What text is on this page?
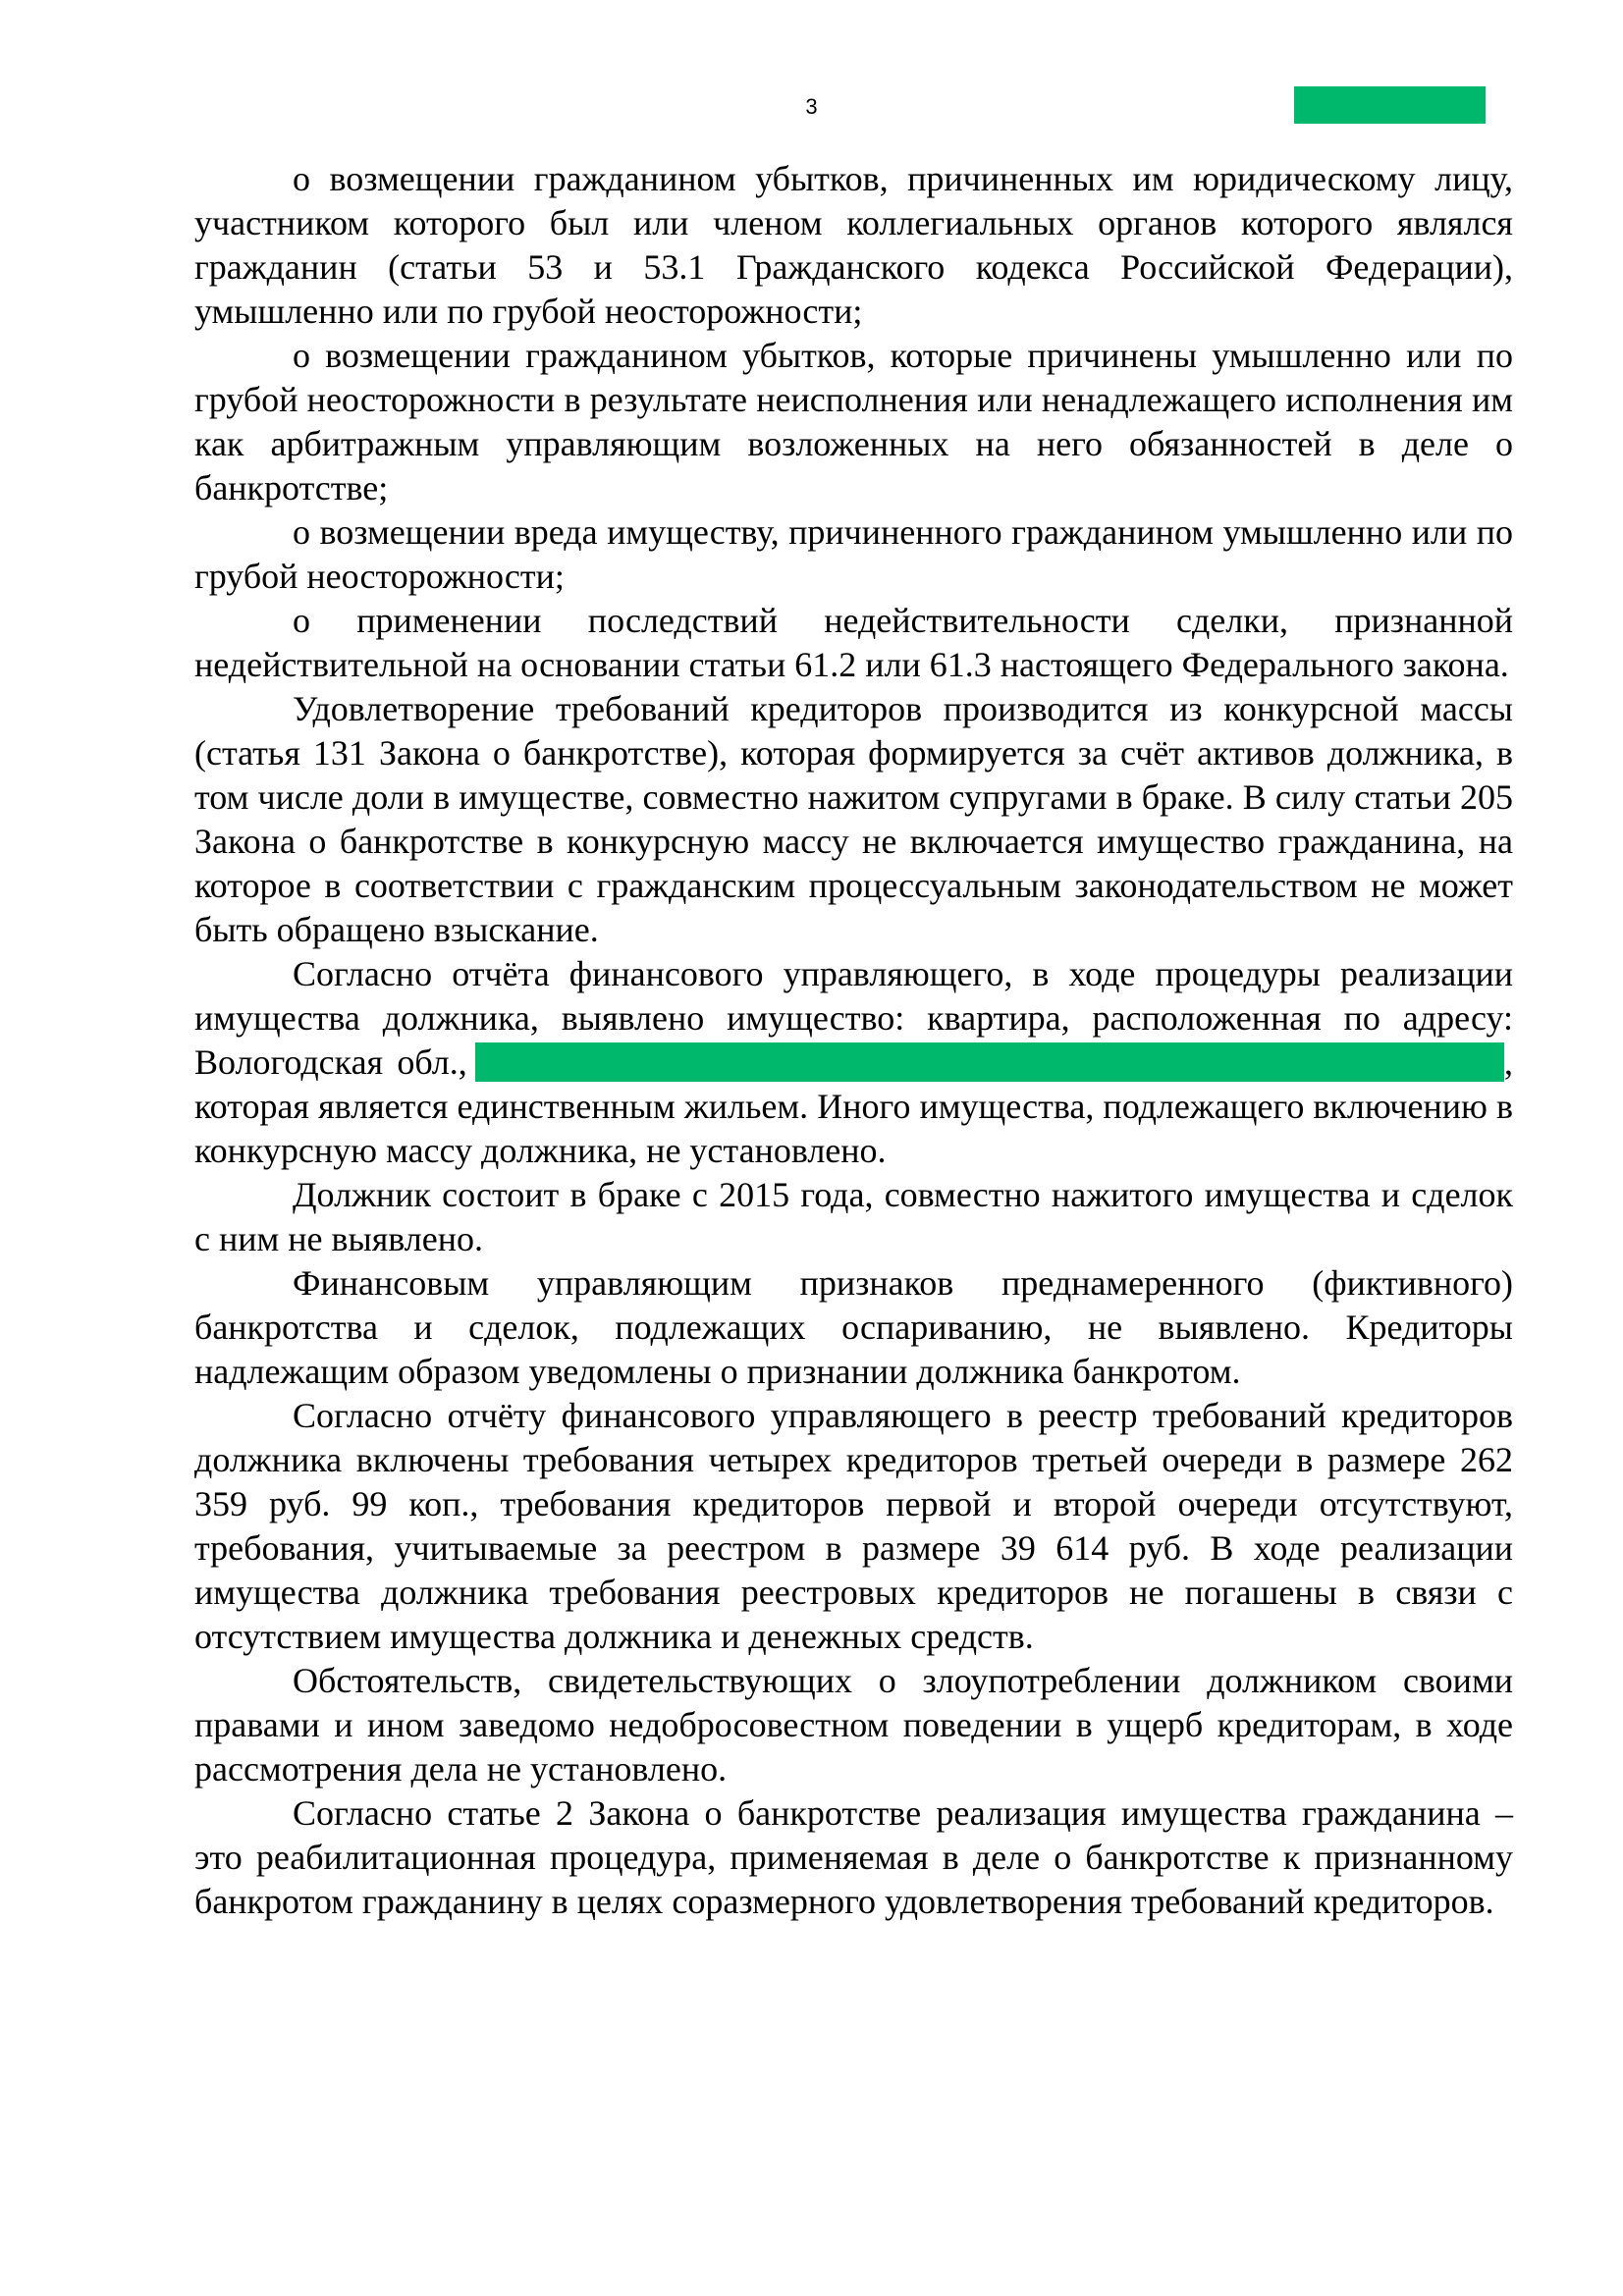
3

о возмещении гражданином убытков, причиненных им юридическому лицу, участником которого был или членом коллегиальных органов которого являлся гражданин (статьи 53 и 53.1 Гражданского кодекса Российской Федерации), умышленно или по грубой неосторожности;

о возмещении гражданином убытков, которые причинены умышленно или по грубой неосторожности в результате неисполнения или ненадлежащего исполнения им как арбитражным управляющим возложенных на него обязанностей в деле о банкротстве;

о возмещении вреда имуществу, причиненного гражданином умышленно или по грубой неосторожности;

о применении последствий недействительности сделки, признанной недействительной на основании статьи 61.2 или 61.3 настоящего Федерального закона.

Удовлетворение требований кредиторов производится из конкурсной массы (статья 131 Закона о банкротстве), которая формируется за счёт активов должника, в том числе доли в имуществе, совместно нажитом супругами в браке. В силу статьи 205 Закона о банкротстве в конкурсную массу не включается имущество гражданина, на которое в соответствии с гражданским процессуальным законодательством не может быть обращено взыскание.

Согласно отчёта финансового управляющего, в ходе процедуры реализации имущества должника, выявлено имущество: квартира, расположенная по адресу: Вологодская обл.,	, которая является единственным жильем. Иного имущества, подлежащего включению в конкурсную массу должника, не установлено.

Должник состоит в браке с 2015 года, совместно нажитого имущества и сделок с ним не выявлено.

Финансовым управляющим признаков преднамеренного (фиктивного) банкротства и сделок, подлежащих оспариванию, не выявлено. Кредиторы надлежащим образом уведомлены о признании должника банкротом.

Согласно отчёту финансового управляющего в реестр требований кредиторов должника включены требования четырех кредиторов третьей очереди в размере 262 359 руб. 99 коп., требования кредиторов первой и второй очереди отсутствуют, требования, учитываемые за реестром в размере 39 614 руб. В ходе реализации имущества должника требования реестровых кредиторов не погашены в связи с отсутствием имущества должника и денежных средств.

Обстоятельств, свидетельствующих о злоупотреблении должником своими правами и ином заведомо недобросовестном поведении в ущерб кредиторам, в ходе рассмотрения дела не установлено.

Согласно статье 2 Закона о банкротстве реализация имущества гражданина – это реабилитационная процедура, применяемая в деле о банкротстве к признанному банкротом гражданину в целях соразмерного удовлетворения требований кредиторов.
